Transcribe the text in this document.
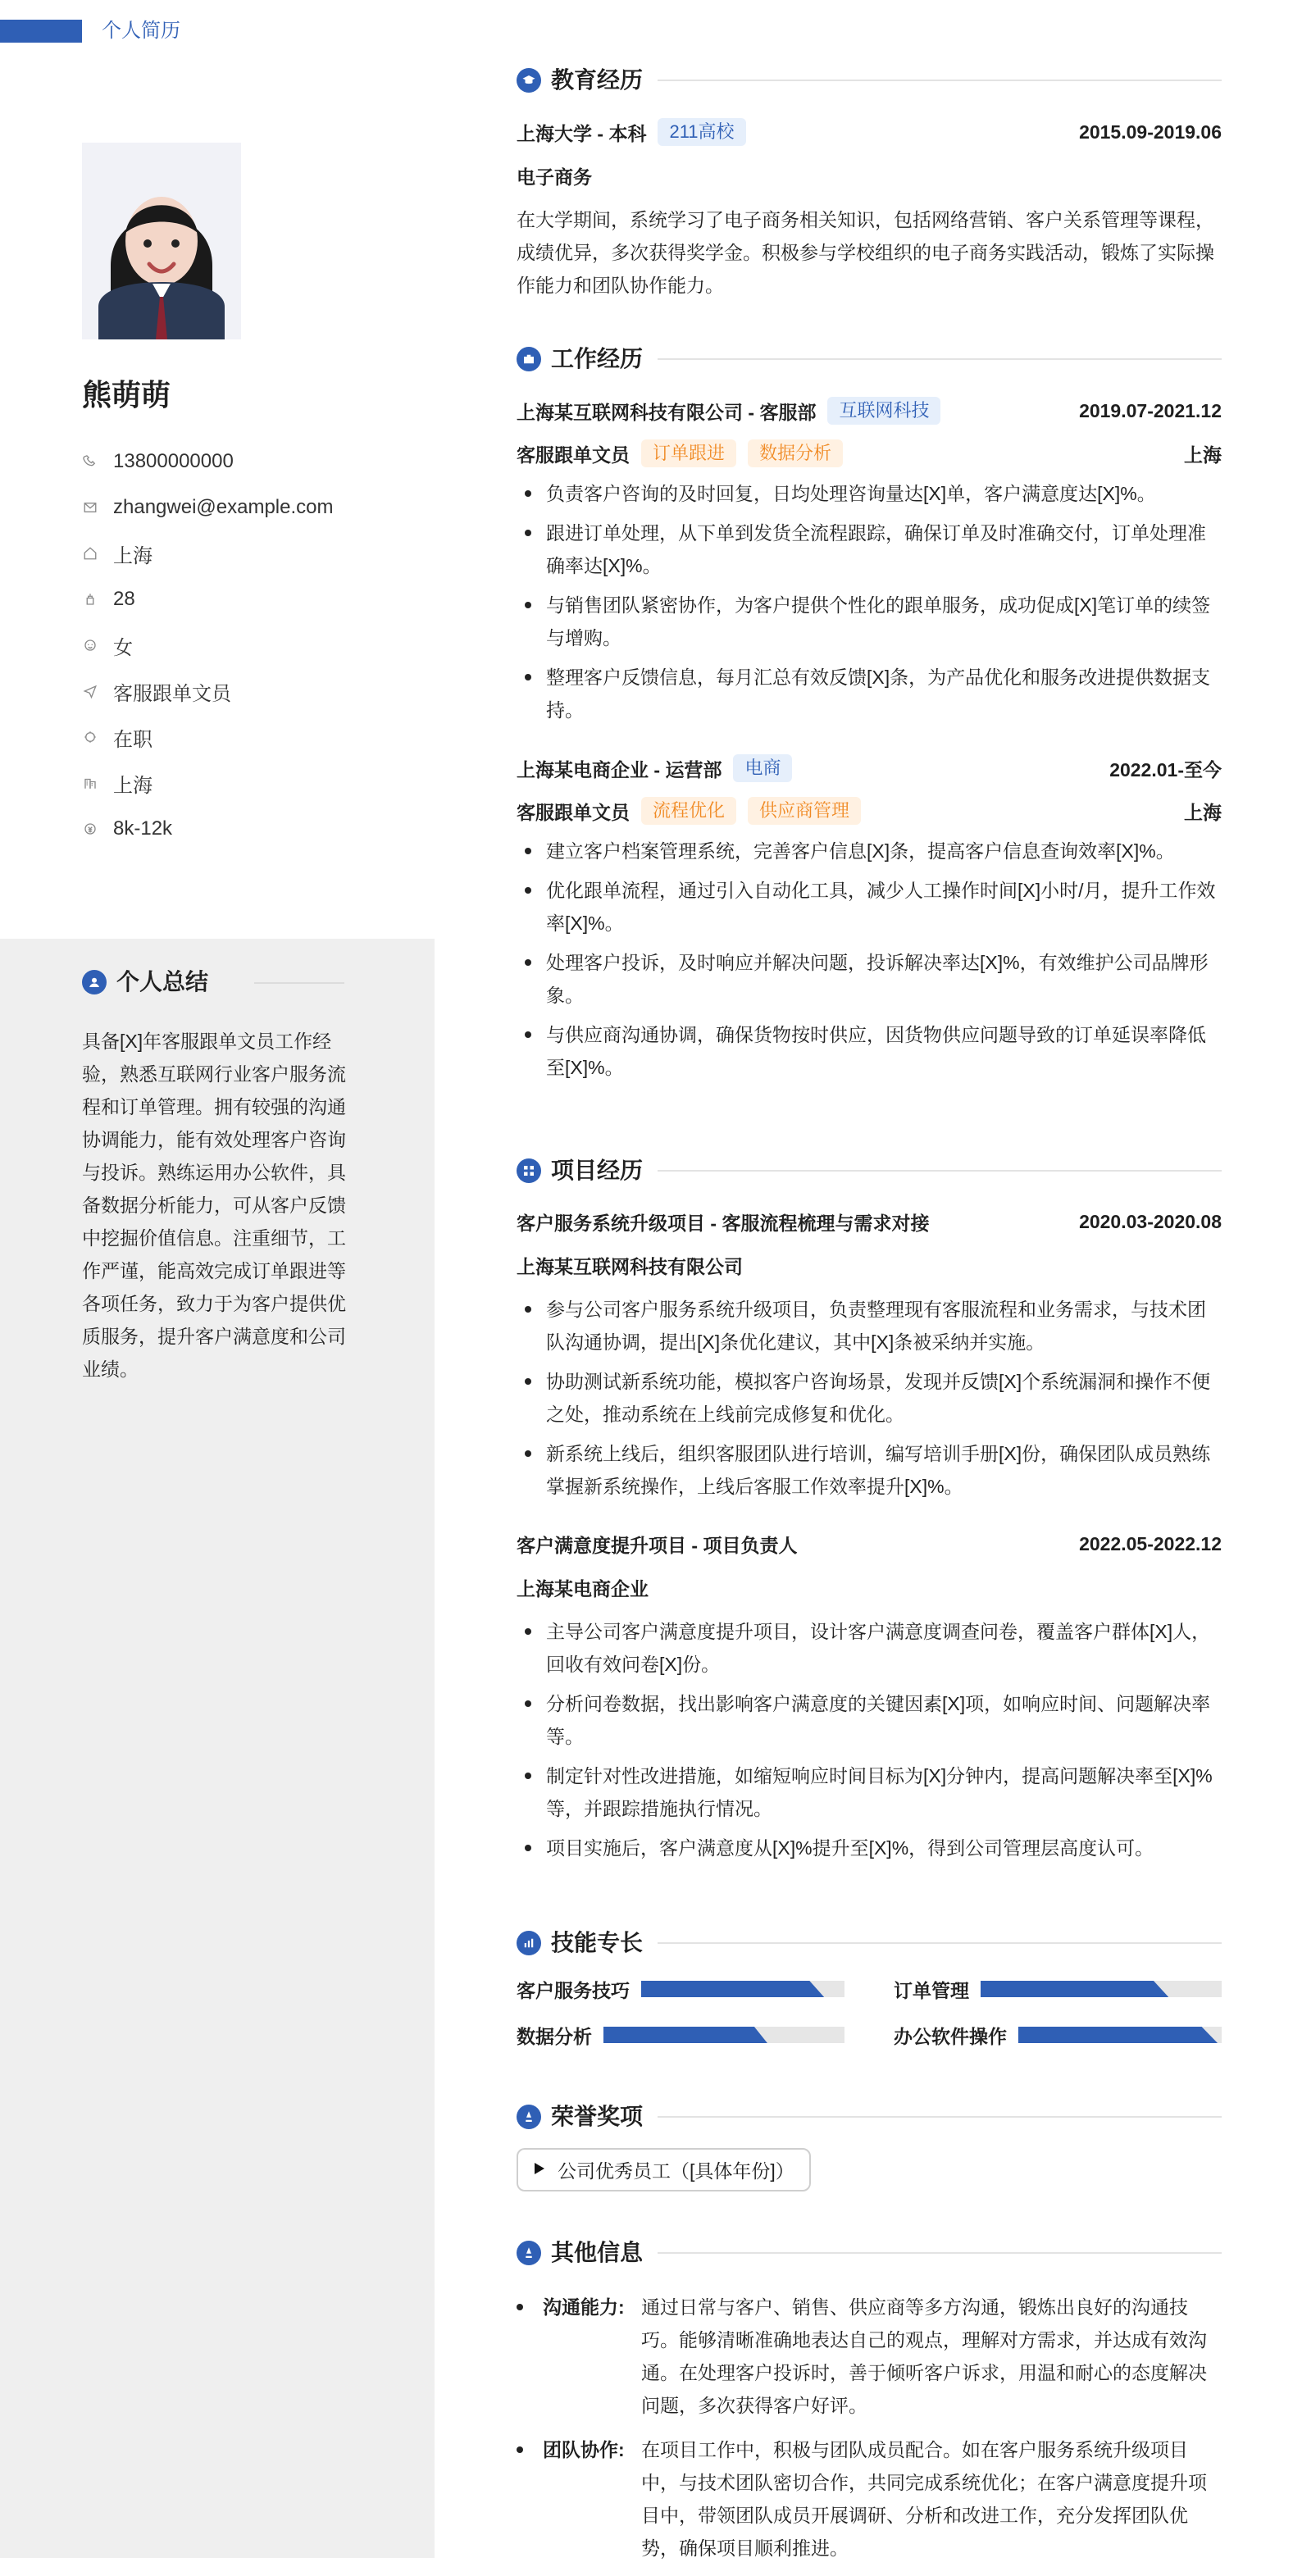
个人简历
熊萌萌
13800000000
zhangwei@example.com
上海
28
女
客服跟单文员
在职
上海
8k-12k
个人总结
具备[X]年客服跟单文员工作经验，熟悉互联网行业客户服务流程和订单管理。拥有较强的沟通协调能力，能有效处理客户咨询与投诉。熟练运用办公软件，具备数据分析能力，可从客户反馈中挖掘价值信息。注重细节，工作严谨，能高效完成订单跟进等各项任务，致力于为客户提供优质服务，提升客户满意度和公司业绩。
教育经历
上海大学 - 本科	211高校	2015.09-2019.06
电子商务

在大学期间，系统学习了电子商务相关知识，包括网络营销、客户关系管理等课程，成绩优异，多次获得奖学金。积极参与学校组织的电子商务实践活动，锻炼了实际操作能力和团队协作能力。

工作经历
上海某互联网科技有限公司 - 客服部	互联网科技	2019.07-2021.12
客服跟单文员	订单跟进	数据分析	上海
负责客户咨询的及时回复，日均处理咨询量达[X]单，客户满意度达[X]%。
跟进订单处理，从下单到发货全流程跟踪，确保订单及时准确交付，订单处理准确率达[X]%。
与销售团队紧密协作，为客户提供个性化的跟单服务，成功促成[X]笔订单的续签与增购。
整理客户反馈信息，每月汇总有效反馈[X]条，为产品优化和服务改进提供数据支持。
上海某电商企业 - 运营部	电商	2022.01-至今
客服跟单文员	流程优化	供应商管理	上海
建立客户档案管理系统，完善客户信息[X]条，提高客户信息查询效率[X]%。
优化跟单流程，通过引入自动化工具，减少人工操作时间[X]小时/月，提升工作效率[X]%。
处理客户投诉，及时响应并解决问题，投诉解决率达[X]%，有效维护公司品牌形象。
与供应商沟通协调，确保货物按时供应，因货物供应问题导致的订单延误率降低至[X]%。
项目经历
客户服务系统升级项目 - 客服流程梳理与需求对接	2020.03-2020.08
上海某互联网科技有限公司
参与公司客户服务系统升级项目，负责整理现有客服流程和业务需求，与技术团队沟通协调，提出[X]条优化建议，其中[X]条被采纳并实施。
协助测试新系统功能，模拟客户咨询场景，发现并反馈[X]个系统漏洞和操作不便之处，推动系统在上线前完成修复和优化。
新系统上线后，组织客服团队进行培训，编写培训手册[X]份，确保团队成员熟练掌握新系统操作，上线后客服工作效率提升[X]%。
客户满意度提升项目 - 项目负责人	2022.05-2022.12
上海某电商企业
主导公司客户满意度提升项目，设计客户满意度调查问卷，覆盖客户群体[X]人，回收有效问卷[X]份。
分析问卷数据，找出影响客户满意度的关键因素[X]项，如响应时间、问题解决率等。
制定针对性改进措施，如缩短响应时间目标为[X]分钟内，提高问题解决率至[X]%等，并跟踪措施执行情况。
项目实施后，客户满意度从[X]%提升至[X]%，得到公司管理层高度认可。
技能专长
客户服务技巧	订单管理
数据分析	办公软件操作
荣誉奖项
公司优秀员工（[具体年份]）
其他信息
沟通能力: 通过日常与客户、销售、供应商等多方沟通，锻炼出良好的沟通技巧。能够清晰准确地表达自己的观点，理解对方需求，并达成有效沟通。在处理客户投诉时，善于倾听客户诉求，用温和耐心的态度解决问题，多次获得客户好评。
团队协作: 在项目工作中，积极与团队成员配合。如在客户服务系统升级项目中，与技术团队密切合作，共同完成系统优化；在客户满意度提升项目中，带领团队成员开展调研、分析和改进工作，充分发挥团队优势，确保项目顺利推进。
